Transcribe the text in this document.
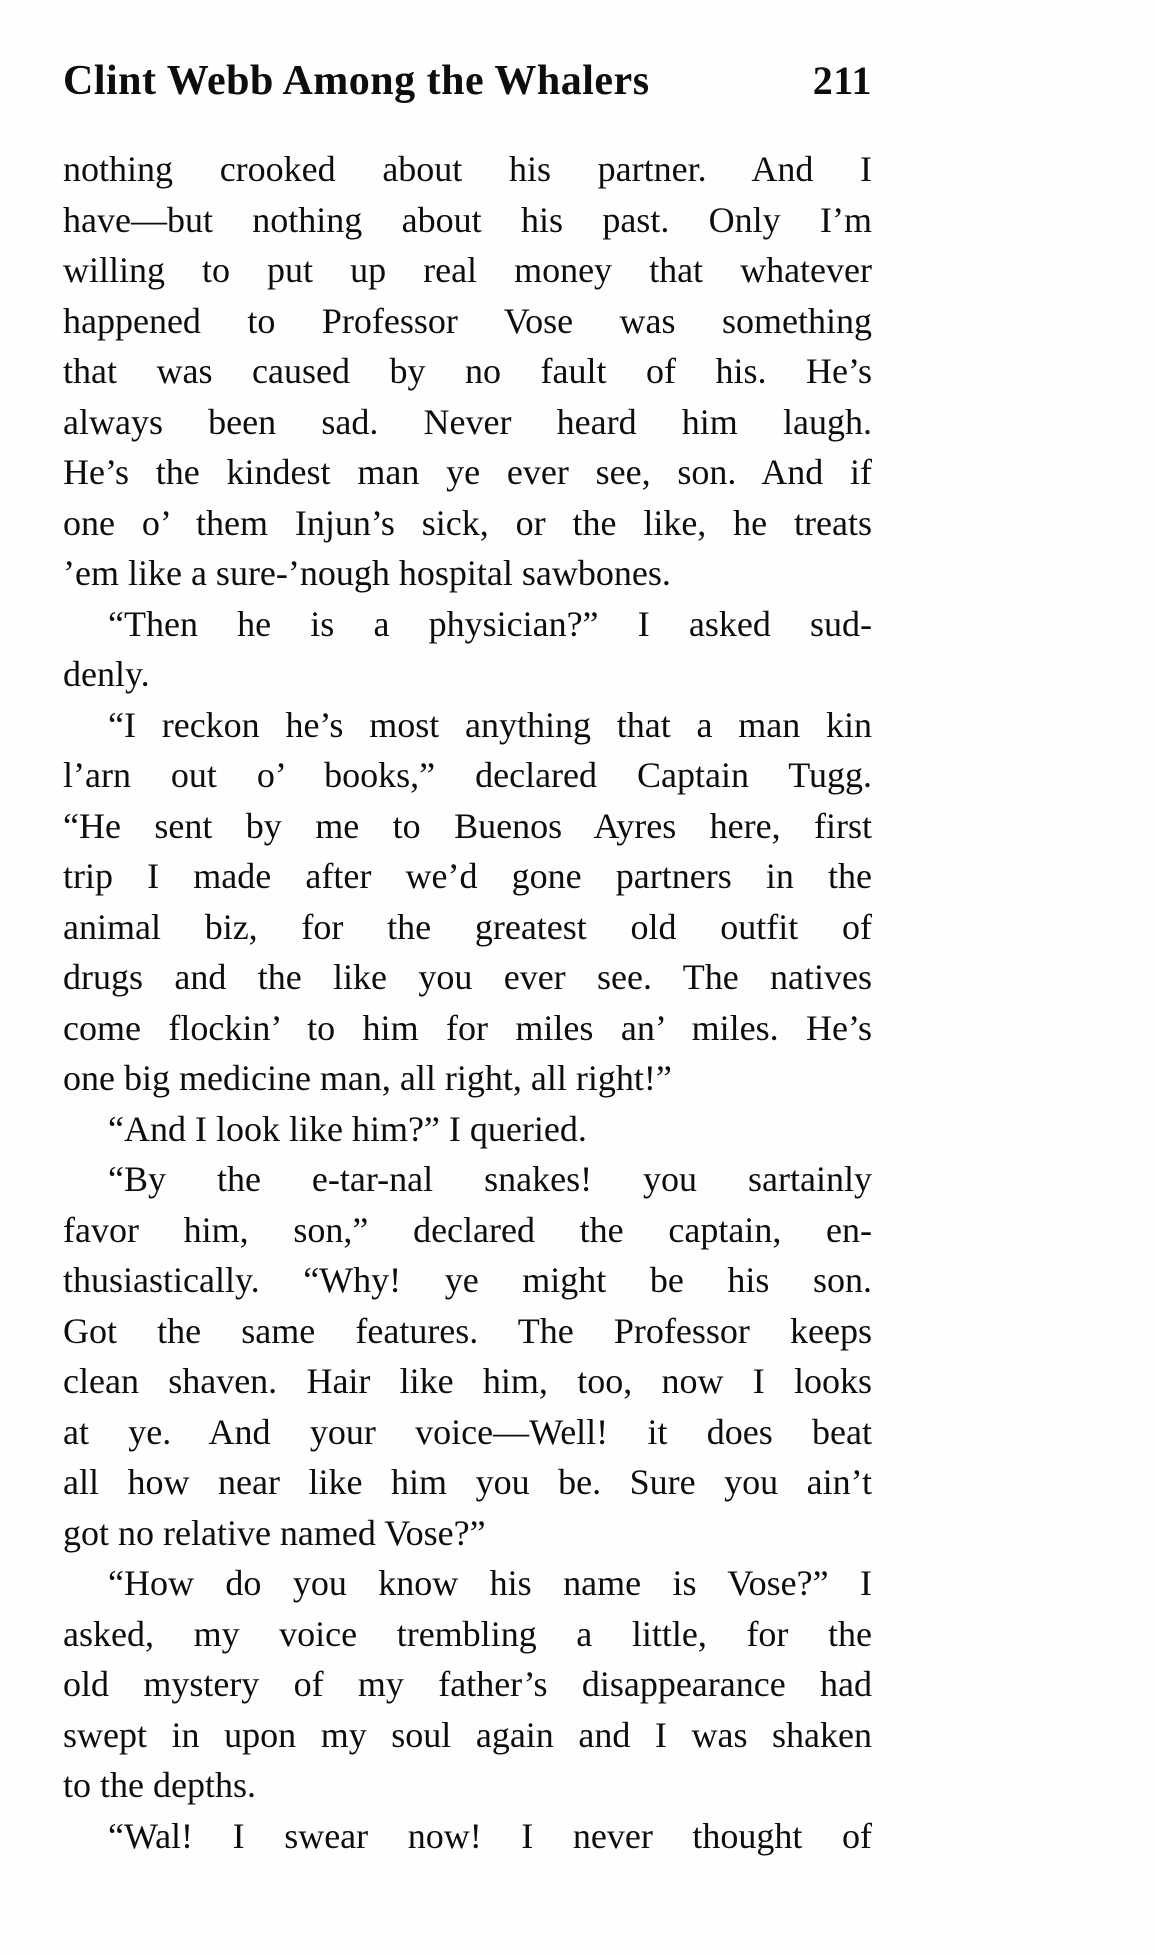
Clint Webb Among the Whalers	211
nothing crooked about his partner. And I
have—but nothing about his past. Only I’m
willing to put up real money that whatever
happened to Professor Vose was something
that was caused by no fault of his. He’s
always been sad. Never heard him laugh.
He’s the kindest man ye ever see, son. And if
one o’ them Injun’s sick, or the like, he treats
’em like a sure-’nough hospital sawbones.
“Then he is a physician?” I asked sud-
denly.
“I reckon he’s most anything that a man kin
l’arn out o’ books,” declared Captain Tugg.
“He sent by me to Buenos Ayres here, first
trip I made after we’d gone partners in the
animal biz, for the greatest old outfit of
drugs and the like you ever see. The natives
come flockin’ to him for miles an’ miles. He’s
one big medicine man, all right, all right!”
“And I look like him?” I queried.
“By the e-tar-nal snakes! you sartainly
favor him, son,” declared the captain, en-
thusiastically. “Why! ye might be his son.
Got the same features. The Professor keeps
clean shaven. Hair like him, too, now I looks
at ye. And your voice—Well! it does beat
all how near like him you be. Sure you ain’t
got no relative named Vose?”
“How do you know his name is Vose?” I
asked, my voice trembling a little, for the
old mystery of my father’s disappearance had
swept in upon my soul again and I was shaken
to the depths.
“Wal! I swear now! I never thought of
